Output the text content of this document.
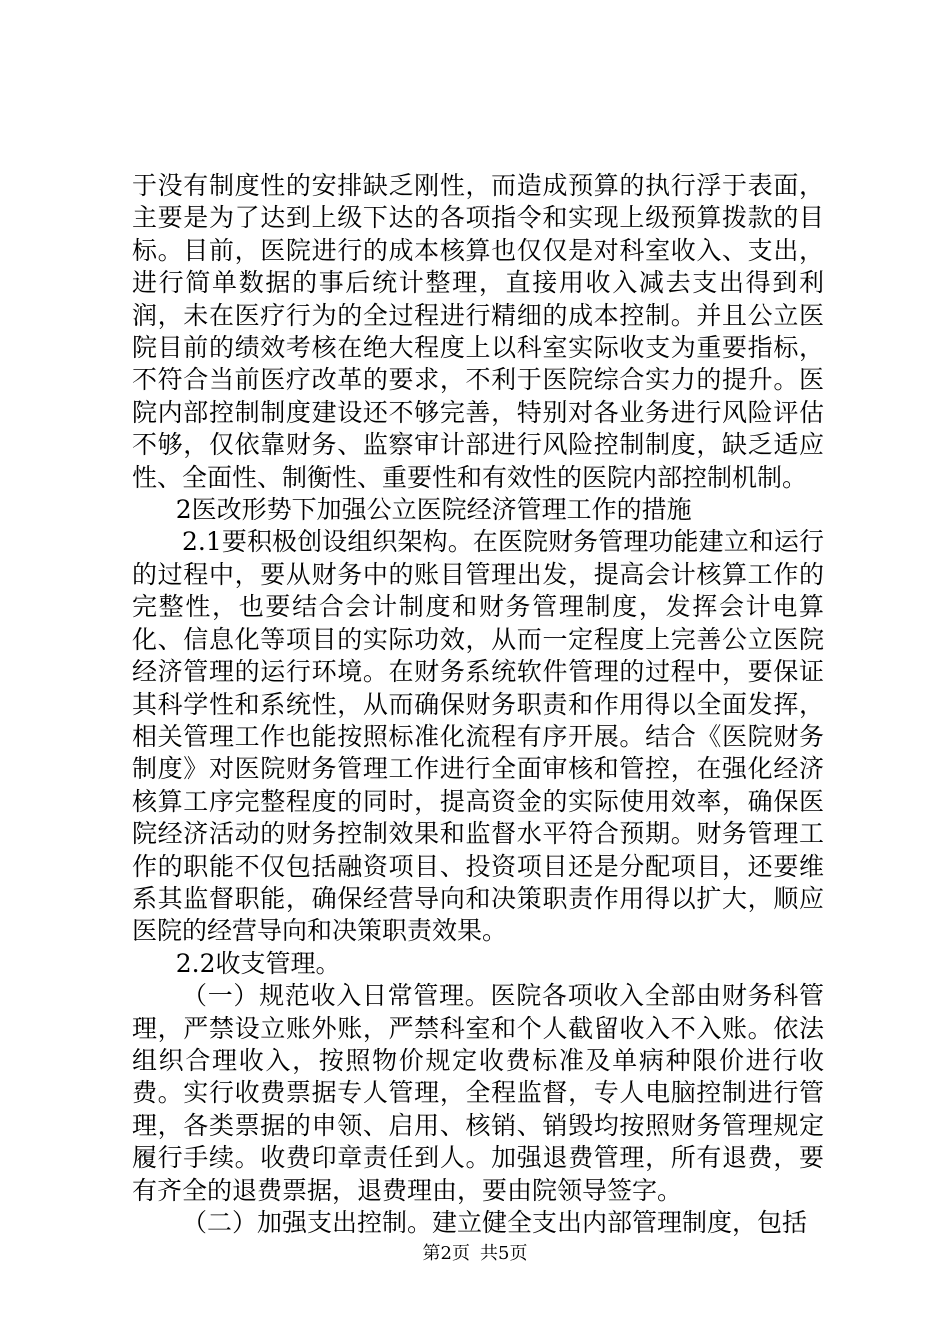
于没有制度性的安排缺乏刚性，而造成预算的执行浮于表面，主要是为了达到上级下达的各项指令和实现上级预算拨款的目标。目前，医院进行的成本核算也仅仅是对科室收入、支出，进行简单数据的事后统计整理，直接用收入减去支出得到利润，未在医疗行为的全过程进行精细的成本控制。并且公立医院目前的绩效考核在绝大程度上以科室实际收支为重要指标，不符合当前医疗改革的要求，不利于医院综合实力的提升。医院内部控制制度建设还不够完善，特别对各业务进行风险评估不够，仅依靠财务、监察审计部进行风险控制制度，缺乏适应性、全面性、制衡性、重要性和有效性的医院内部控制机制。

2医改形势下加强公立医院经济管理工作的措施

2.1要积极创设组织架构。在医院财务管理功能建立和运行的过程中，要从财务中的账目管理出发，提高会计核算工作的完整性，也要结合会计制度和财务管理制度，发挥会计电算化、信息化等项目的实际功效，从而一定程度上完善公立医院经济管理的运行环境。在财务系统软件管理的过程中，要保证其科学性和系统性，从而确保财务职责和作用得以全面发挥，相关管理工作也能按照标准化流程有序开展。结合《医院财务制度》对医院财务管理工作进行全面审核和管控，在强化经济核算工序完整程度的同时，提高资金的实际使用效率，确保医院经济活动的财务控制效果和监督水平符合预期。财务管理工作的职能不仅包括融资项目、投资项目还是分配项目，还要维系其监督职能，确保经营导向和决策职责作用得以扩大，顺应医院的经营导向和决策职责效果。

2.2收支管理。

（一）规范收入日常管理。医院各项收入全部由财务科管理，严禁设立账外账，严禁科室和个人截留收入不入账。依法组织合理收入，按照物价规定收费标准及单病种限价进行收费。实行收费票据专人管理，全程监督，专人电脑控制进行管理，各类票据的申领、启用、核销、销毁均按照财务管理规定履行手续。收费印章责任到人。加强退费管理，所有退费，要有齐全的退费票据，退费理由，要由院领导签字。

（二）加强支出控制。建立健全支出内部管理制度，包括

第2页 共5页
